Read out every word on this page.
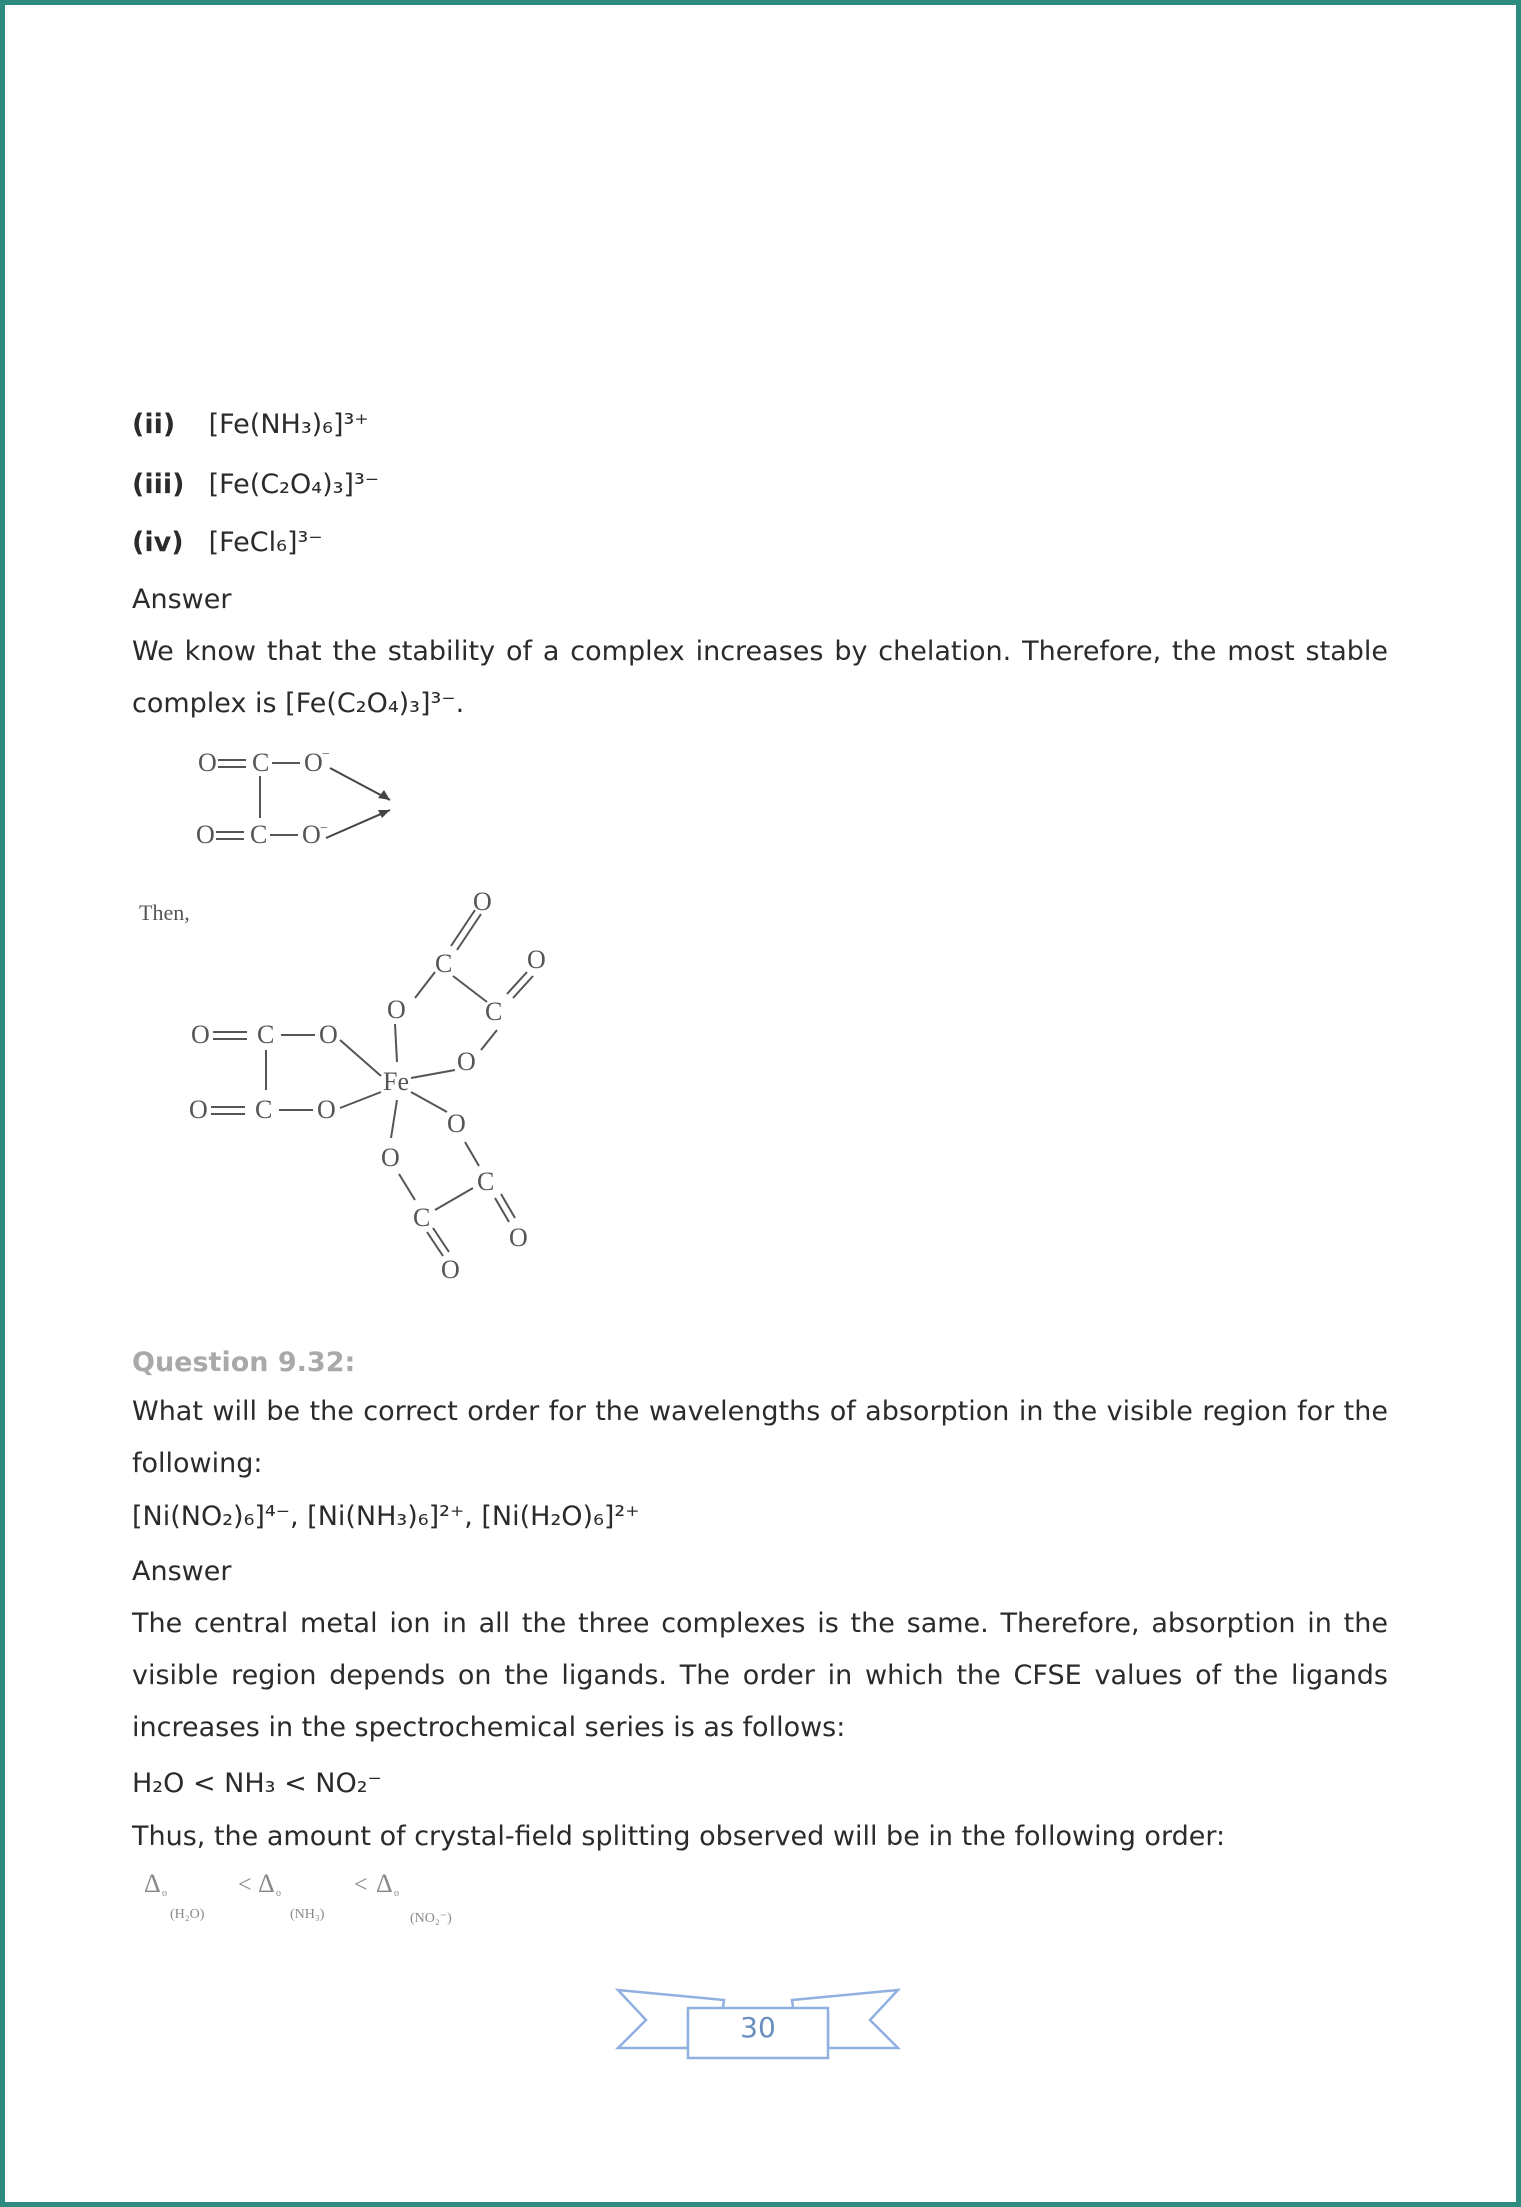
(ii) [Fe(NH₃)₆]³⁺
(iii) [Fe(C₂O₄)₃]³⁻
(iv) [FeCl₆]³⁻
Answer
We know that the stability of a complex increases by chelation. Therefore, the most stable complex is [Fe(C₂O₄)₃]³⁻.
O C O −
O C O −
Then,
O C O
O C O
Fe
O
C
O
C
O
O
O
C
O
O
C
O
Question 9.32:
What will be the correct order for the wavelengths of absorption in the visible region for the following:
[Ni(NO₂)₆]⁴⁻, [Ni(NH₃)₆]²⁺, [Ni(H₂O)₆]²⁺
Answer
The central metal ion in all the three complexes is the same. Therefore, absorption in the visible region depends on the ligands. The order in which the CFSE values of the ligands increases in the spectrochemical series is as follows:
H₂O < NH₃ < NO₂⁻
Thus, the amount of crystal-field splitting observed will be in the following order:
Δ o
(H₂O)
< Δ o
(NH₃)
< Δ o
(NO₂⁻)
30
